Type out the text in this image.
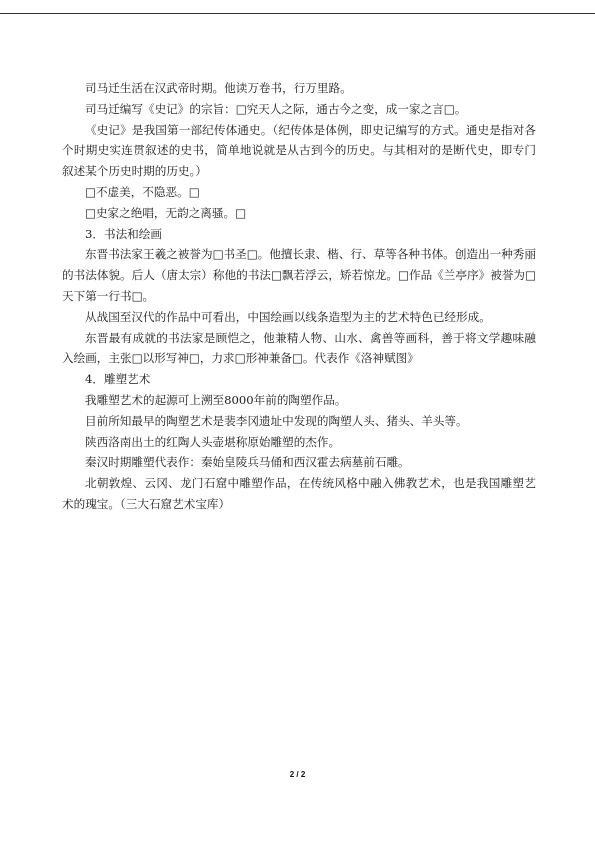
司马迁生活在汉武帝时期。他读万卷书，行万里路。

司马迁编写《史记》的宗旨：□究天人之际，通古今之变，成一家之言□。

《史记》是我国第一部纪传体通史。（纪传体是体例，即史记编写的方式。通史是指对各个时期史实连贯叙述的史书，简单地说就是从古到今的历史。与其相对的是断代史，即专门叙述某个历史时期的历史。）

□不虚美，不隐恶。□

□史家之绝唱，无韵之离骚。□

3．书法和绘画

东晋书法家王羲之被誉为□书圣□。他擅长隶、楷、行、草等各种书体。创造出一种秀丽的书法体貌。后人（唐太宗）称他的书法□飘若浮云，矫若惊龙。□作品《兰亭序》被誉为□天下第一行书□。

从战国至汉代的作品中可看出，中国绘画以线条造型为主的艺术特色已经形成。

东晋最有成就的书法家是顾恺之，他兼精人物、山水、禽兽等画科，善于将文学趣味融入绘画，主张□以形写神□，力求□形神兼备□。代表作《洛神赋图》

4．雕塑艺术

我雕塑艺术的起源可上溯至8000年前的陶塑作品。

目前所知最早的陶塑艺术是裴李冈遗址中发现的陶塑人头、猪头、羊头等。

陕西洛南出土的红陶人头壶堪称原始雕塑的杰作。

秦汉时期雕塑代表作：秦始皇陵兵马俑和西汉霍去病墓前石雕。

北朝敦煌、云冈、龙门石窟中雕塑作品，在传统风格中融入佛教艺术，也是我国雕塑艺术的瑰宝。（三大石窟艺术宝库）

2 / 2
